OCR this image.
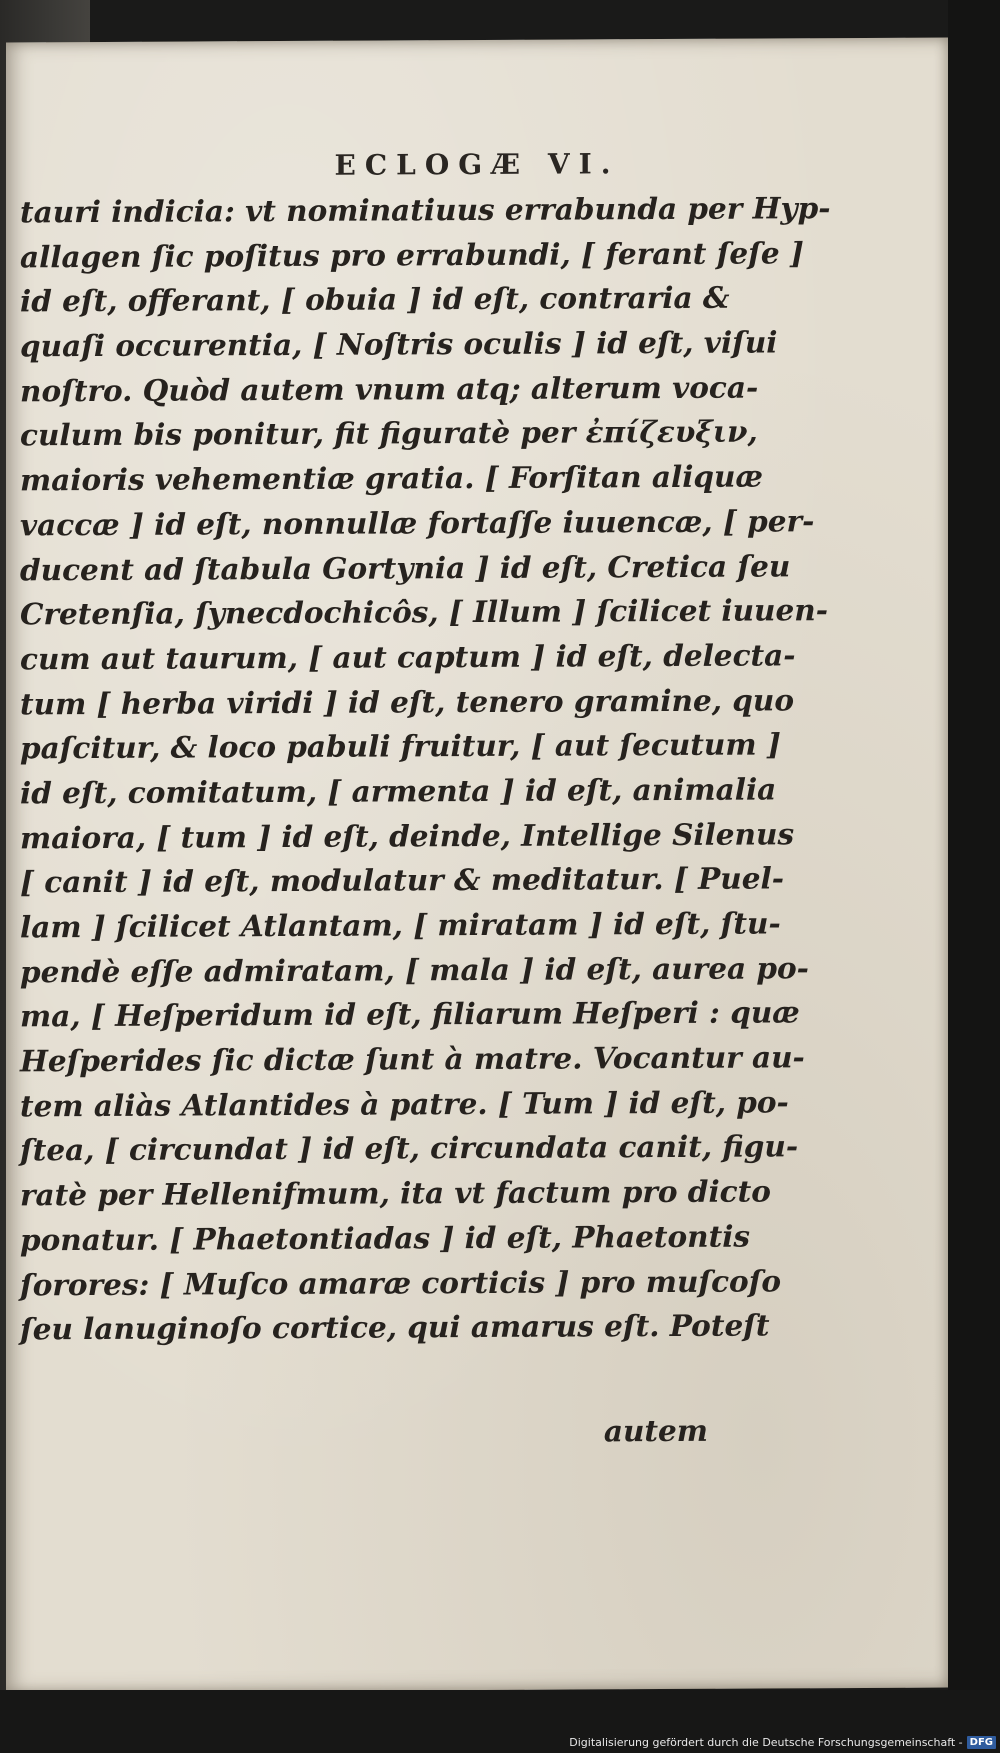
ECLOGÆ VI.
tauri indicia: vt nominatiuus errabunda per Hyp-
allagen ſic poſitus pro errabundi, [ ferant ſeſe ]
id eſt, offerant, [ obuia ] id eſt, contraria &
quaſi occurentia, [ Noſtris oculis ] id eſt, viſui
noſtro. Quòd autem vnum atq; alterum voca-
culum bis ponitur, fit figuratè per ἐπίζευξιν,
maioris vehementiæ gratia. [ Forſitan aliquæ
vaccæ ] id eſt, nonnullæ fortaſſe iuuencæ, [ per-
ducent ad ſtabula Gortynia ] id eſt, Cretica ſeu
Cretenſia, ſynecdochicôs, [ Illum ] ſcilicet iuuen-
cum aut taurum, [ aut captum ] id eſt, delecta-
tum [ herba viridi ] id eſt, tenero gramine, quo
paſcitur, & loco pabuli fruitur, [ aut ſecutum ]
id eſt, comitatum, [ armenta ] id eſt, animalia
maiora, [ tum ] id eſt, deinde, Intellige Silenus
[ canit ] id eſt, modulatur & meditatur. [ Puel-
lam ] ſcilicet Atlantam, [ miratam ] id eſt, ſtu-
pendè eſſe admiratam, [ mala ] id eſt, aurea po-
ma, [ Heſperidum id eſt, filiarum Heſperi : quæ
Heſperides ſic dictæ ſunt à matre. Vocantur au-
tem aliàs Atlantides à patre. [ Tum ] id eſt, po-
ſtea, [ circundat ] id eſt, circundata canit, figu-
ratè per Hellenifmum, ita vt factum pro dicto
ponatur. [ Phaetontiadas ] id eſt, Phaetontis
ſorores: [ Muſco amaræ corticis ] pro muſcoſo
ſeu lanuginoſo cortice, qui amarus eſt. Poteſt
autem
Digitalisierung gefördert durch die Deutsche Forschungsgemeinschaft - DFG
